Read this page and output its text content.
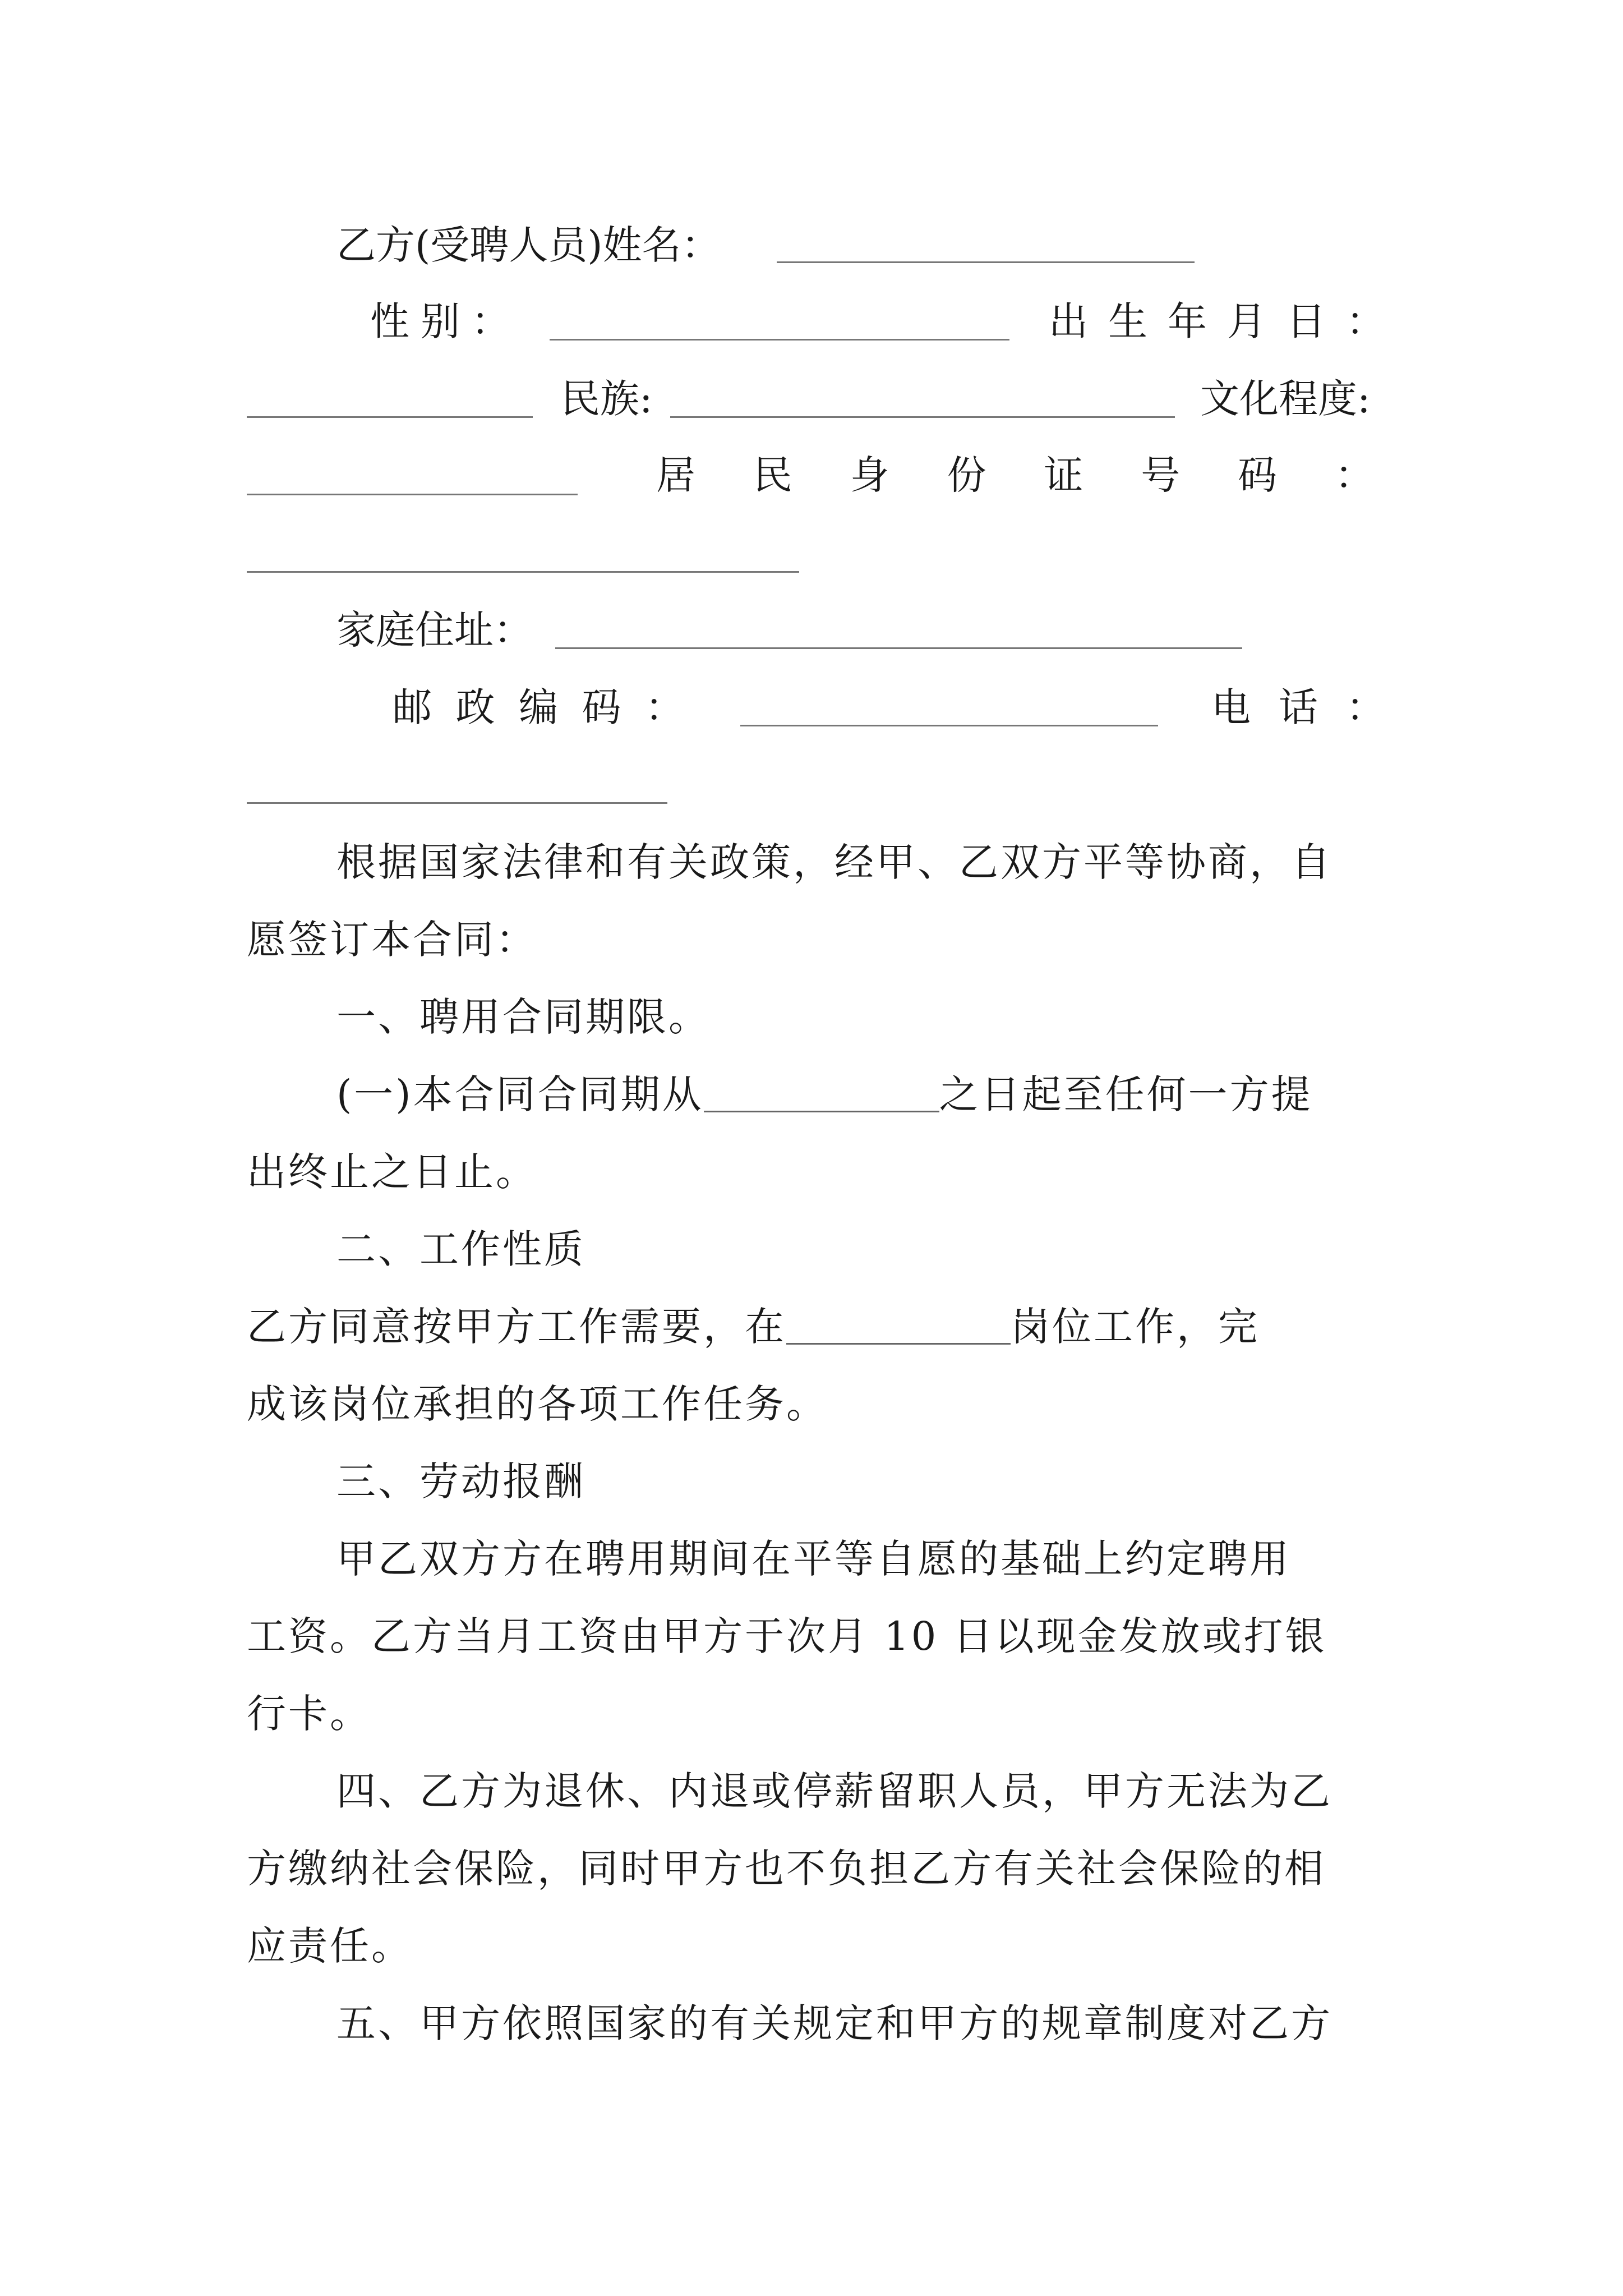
乙方(受聘人员)姓名：
性 别 ：	出 生 年 月 日 ：
民族:	文化程度:
居 民 身 份 证 号 码 ：
家庭住址：
邮 政 编 码 ：	电 话 ：
根据国家法律和有关政策，经甲、乙双方平等协商，自
愿签订本合同：
一、聘用合同期限。
(一)本合同合同期从	之日起至任何一方提
出终止之日止。
二、工作性质
乙方同意按甲方工作需要，在	岗位工作，完
成该岗位承担的各项工作任务。
三、劳动报酬
甲乙双方方在聘用期间在平等自愿的基础上约定聘用
工资。乙方当月工资由甲方于次月 10 日以现金发放或打银
行卡。
四、乙方为退休、内退或停薪留职人员，甲方无法为乙
方缴纳社会保险，同时甲方也不负担乙方有关社会保险的相
应责任。
五、甲方依照国家的有关规定和甲方的规章制度对乙方
